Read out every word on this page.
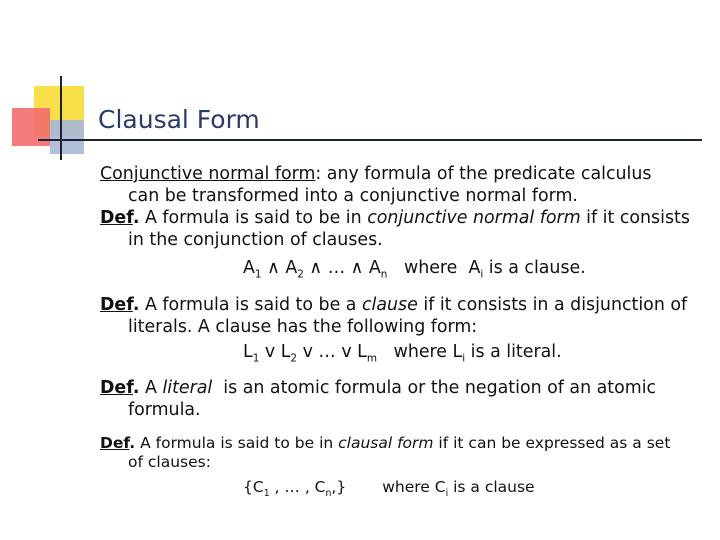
Clausal Form
Conjunctive normal form: any formula of the predicate calculus
can be transformed into a conjunctive normal form.
Def. A formula is said to be in conjunctive normal form if it consists
in the conjunction of clauses.
$A_1$ ∧ $A_2$ ∧ … ∧ $A_n$   where  $A_i$ is a clause.
Def. A formula is said to be a clause if it consists in a disjunction of
literals. A clause has the following form:
$L_1$ v $L_2$ v … v $L_m$   where $L_i$ is a literal.
Def. A literal  is an atomic formula or the negation of an atomic
formula.
Def. A formula is said to be in clausal form if it can be expressed as a set
of clauses:
{$C_1$ , … , $C_n$,} where $C_i$ is a clause
